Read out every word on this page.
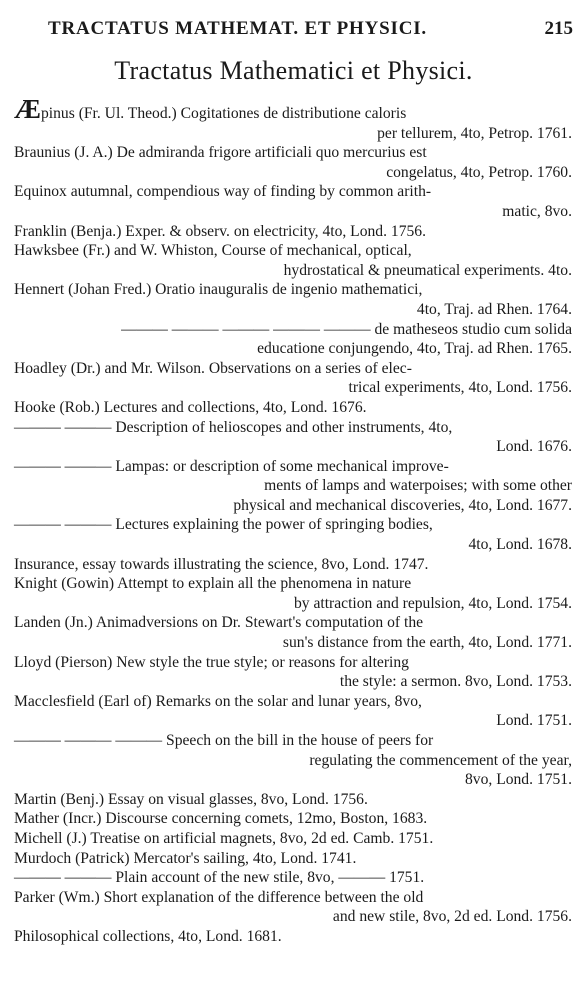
TRACTATUS MATHEMAT. ET PHYSICI.	215
Tractatus Mathematici et Physici.
Æpinus (Fr. Ul. Theod.) Cogitationes de distributione caloris
per tellurem, 4to, Petrop. 1761.
Braunius (J. A.) De admiranda frigore artificiali quo mercurius est
congelatus, 4to, Petrop. 1760.
Equinox autumnal, compendious way of finding by common arith-
matic, 8vo.
Franklin (Benja.) Exper. & observ. on electricity, 4to, Lond. 1756.
Hawksbee (Fr.) and W. Whiston, Course of mechanical, optical,
hydrostatical & pneumatical experiments. 4to.
Hennert (Johan Fred.) Oratio inauguralis de ingenio mathematici,
4to, Traj. ad Rhen. 1764.
——— ——— ——— ——— ——— de matheseos studio cum solida
educatione conjungendo, 4to, Traj. ad Rhen. 1765.
Hoadley (Dr.) and Mr. Wilson. Observations on a series of elec-
trical experiments, 4to, Lond. 1756.
Hooke (Rob.) Lectures and collections, 4to, Lond. 1676.
——— ——— Description of helioscopes and other instruments, 4to,
Lond. 1676.
——— ——— Lampas: or description of some mechanical improve-
ments of lamps and waterpoises; with some other
physical and mechanical discoveries, 4to, Lond. 1677.
——— ——— Lectures explaining the power of springing bodies,
4to, Lond. 1678.
Insurance, essay towards illustrating the science, 8vo, Lond. 1747.
Knight (Gowin) Attempt to explain all the phenomena in nature
by attraction and repulsion, 4to, Lond. 1754.
Landen (Jn.) Animadversions on Dr. Stewart's computation of the
sun's distance from the earth, 4to, Lond. 1771.
Lloyd (Pierson) New style the true style; or reasons for altering
the style: a sermon. 8vo, Lond. 1753.
Macclesfield (Earl of) Remarks on the solar and lunar years, 8vo,
Lond. 1751.
——— ——— ——— Speech on the bill in the house of peers for
regulating the commencement of the year,
8vo, Lond. 1751.
Martin (Benj.) Essay on visual glasses, 8vo, Lond. 1756.
Mather (Incr.) Discourse concerning comets, 12mo, Boston, 1683.
Michell (J.) Treatise on artificial magnets, 8vo, 2d ed. Camb. 1751.
Murdoch (Patrick) Mercator's sailing, 4to, Lond. 1741.
——— ——— Plain account of the new stile, 8vo, ——— 1751.
Parker (Wm.) Short explanation of the difference between the old
and new stile, 8vo, 2d ed. Lond. 1756.
Philosophical collections, 4to, Lond. 1681.
